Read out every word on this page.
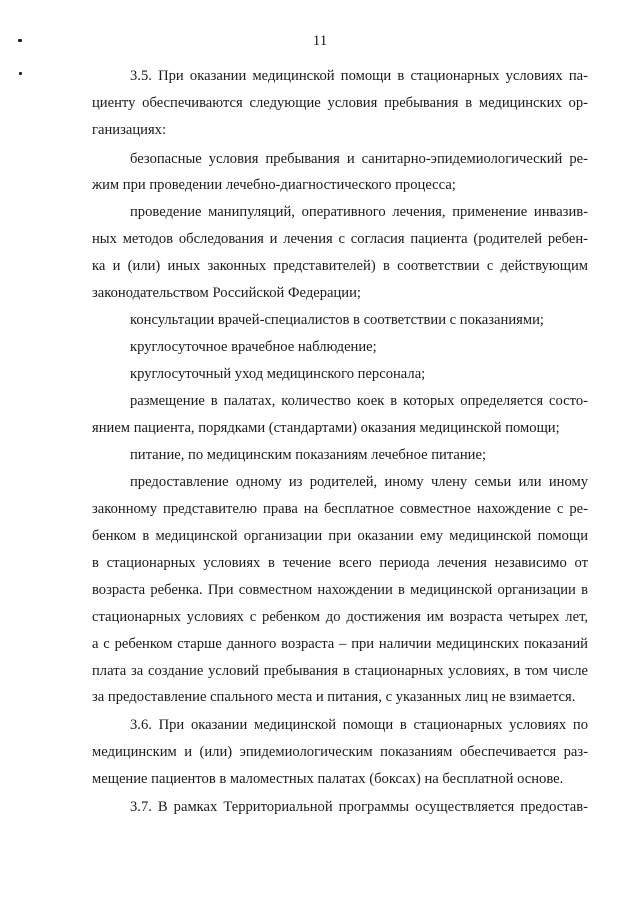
11
3.5. При оказании медицинской помощи в стационарных условиях па-
циенту обеспечиваются следующие условия пребывания в медицинских ор-
ганизациях:
безопасные условия пребывания и санитарно-эпидемиологический ре-
жим при проведении лечебно-диагностического процесса;
проведение манипуляций, оперативного лечения, применение инвазив-
ных методов обследования и лечения с согласия пациента (родителей ребен-
ка и (или) иных законных представителей) в соответствии с действующим
законодательством Российской Федерации;
консультации врачей-специалистов в соответствии с показаниями;
круглосуточное врачебное наблюдение;
круглосуточный уход медицинского персонала;
размещение в палатах, количество коек в которых определяется состо-
янием пациента, порядками (стандартами) оказания медицинской помощи;
питание, по медицинским показаниям лечебное питание;
предоставление одному из родителей, иному члену семьи или иному
законному представителю права на бесплатное совместное нахождение с ре-
бенком в медицинской организации при оказании ему медицинской помощи
в стационарных условиях в течение всего периода лечения независимо от
возраста ребенка. При совместном нахождении в медицинской организации в
стационарных условиях с ребенком до достижения им возраста четырех лет,
а с ребенком старше данного возраста – при наличии медицинских показаний
плата за создание условий пребывания в стационарных условиях, в том числе
за предоставление спального места и питания, с указанных лиц не взимается.
3.6. При оказании медицинской помощи в стационарных условиях по
медицинским и (или) эпидемиологическим показаниям обеспечивается раз-
мещение пациентов в маломестных палатах (боксах) на бесплатной основе.
3.7. В рамках Территориальной программы осуществляется предостав-
